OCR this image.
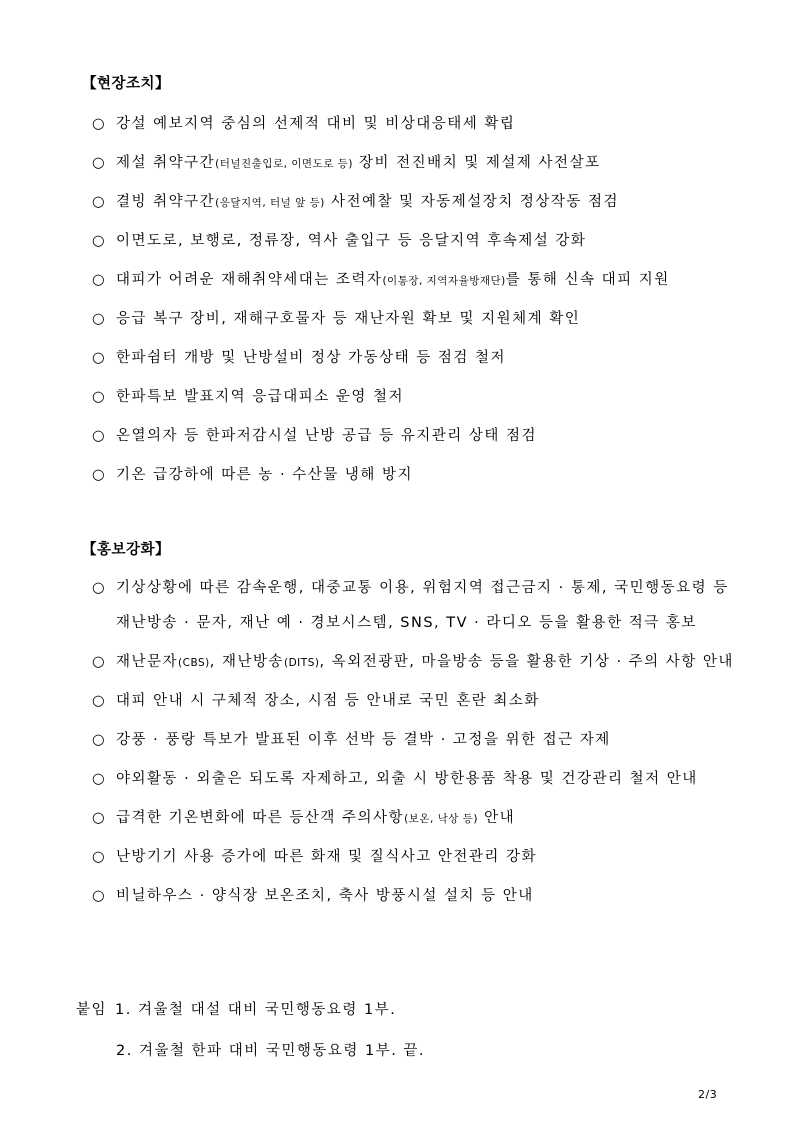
【현장조치】
○ 강설 예보지역 중심의 선제적 대비 및 비상대응태세 확립
○ 제설 취약구간(터널진출입로, 이면도로 등) 장비 전진배치 및 제설제 사전살포
○ 결빙 취약구간(응달지역, 터널 앞 등) 사전예찰 및 자동제설장치 정상작동 점검
○ 이면도로, 보행로, 정류장, 역사 출입구 등 응달지역 후속제설 강화
○ 대피가 어려운 재해취약세대는 조력자(이통장, 지역자율방재단)를 통해 신속 대피 지원
○ 응급 복구 장비, 재해구호물자 등 재난자원 확보 및 지원체계 확인
○ 한파쉼터 개방 및 난방설비 정상 가동상태 등 점검 철저
○ 한파특보 발표지역 응급대피소 운영 철저
○ 온열의자 등 한파저감시설 난방 공급 등 유지관리 상태 점검
○ 기온 급강하에 따른 농 · 수산물 냉해 방지
【홍보강화】
○ 기상상황에 따른 감속운행, 대중교통 이용, 위험지역 접근금지 · 통제, 국민행동요령 등
재난방송 · 문자, 재난 예 · 경보시스템, SNS, TV · 라디오 등을 활용한 적극 홍보
○ 재난문자(CBS), 재난방송(DITS), 옥외전광판, 마을방송 등을 활용한 기상 · 주의 사항 안내
○ 대피 안내 시 구체적 장소, 시점 등 안내로 국민 혼란 최소화
○ 강풍 · 풍랑 특보가 발표된 이후 선박 등 결박 · 고정을 위한 접근 자제
○ 야외활동 · 외출은 되도록 자제하고, 외출 시 방한용품 착용 및 건강관리 철저 안내
○ 급격한 기온변화에 따른 등산객 주의사항(보온, 낙상 등) 안내
○ 난방기기 사용 증가에 따른 화재 및 질식사고 안전관리 강화
○ 비닐하우스 · 양식장 보온조치, 축사 방풍시설 설치 등 안내
붙임 1. 겨울철 대설 대비 국민행동요령 1부.
2. 겨울철 한파 대비 국민행동요령 1부. 끝.
2/3
